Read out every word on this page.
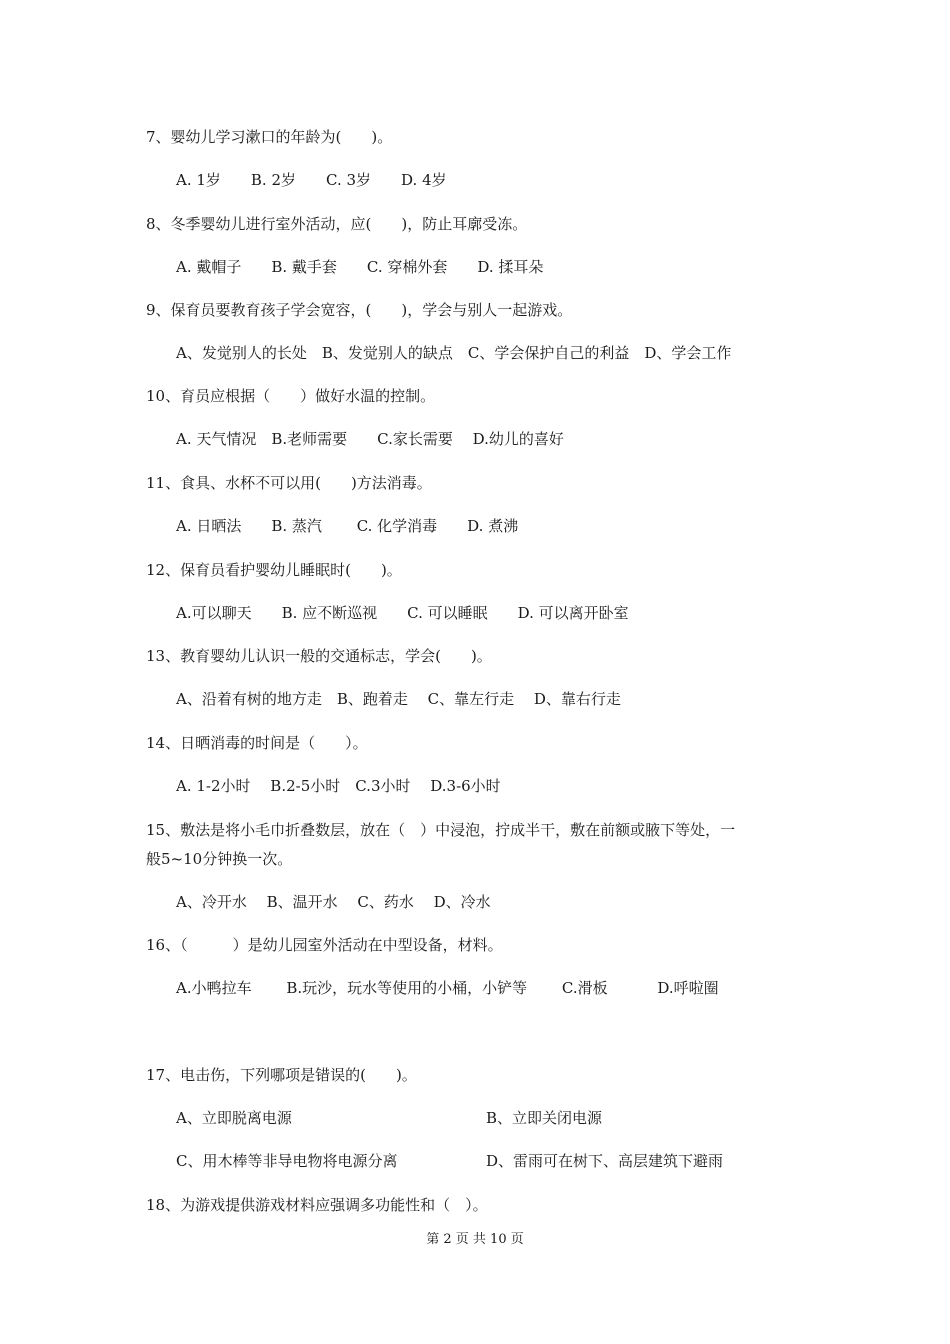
7、婴幼儿学习漱口的年龄为(　　)。
A. 1岁　　B. 2岁　　C. 3岁　　D. 4岁
8、冬季婴幼儿进行室外活动，应(　　)，防止耳廓受冻。
A. 戴帽子　　B. 戴手套　　C. 穿棉外套　　D. 揉耳朵
9、保育员要教育孩子学会宽容，(　　)，学会与别人一起游戏。
A、发觉别人的长处　B、发觉别人的缺点　C、学会保护自己的利益　D、学会工作
10、育员应根据（　　）做好水温的控制。
A. 天气情况　B.老师需要　　C.家长需要　 D.幼儿的喜好
11、食具、水杯不可以用(　　)方法消毒。
A. 日晒法　　B. 蒸汽　　 C. 化学消毒　　D. 煮沸
12、保育员看护婴幼儿睡眠时(　　)。
A.可以聊天　　B. 应不断巡视　　C. 可以睡眠　　D. 可以离开卧室
13、教育婴幼儿认识一般的交通标志，学会(　　)。
A、沿着有树的地方走　B、跑着走　 C、靠左行走　 D、靠右行走
14、日晒消毒的时间是（　　）。
A. 1-2小时　 B.2-5小时　C.3小时　 D.3-6小时
15、敷法是将小毛巾折叠数层，放在（　）中浸泡，拧成半干，敷在前额或腋下等处，一
般5~10分钟换一次。
A、冷开水　 B、温开水　 C、药水　 D、冷水
16、（　　　）是幼儿园室外活动在中型设备，材料。
A.小鸭拉车　　 B.玩沙，玩水等使用的小桶，小铲等　　 C.滑板　　　 D.呼啦圈
17、电击伤，下列哪项是错误的(　　)。
A、立即脱离电源	B、立即关闭电源
C、用木棒等非导电物将电源分离	D、雷雨可在树下、高层建筑下避雨
18、为游戏提供游戏材料应强调多功能性和（　）。
第 2 页 共 10 页
